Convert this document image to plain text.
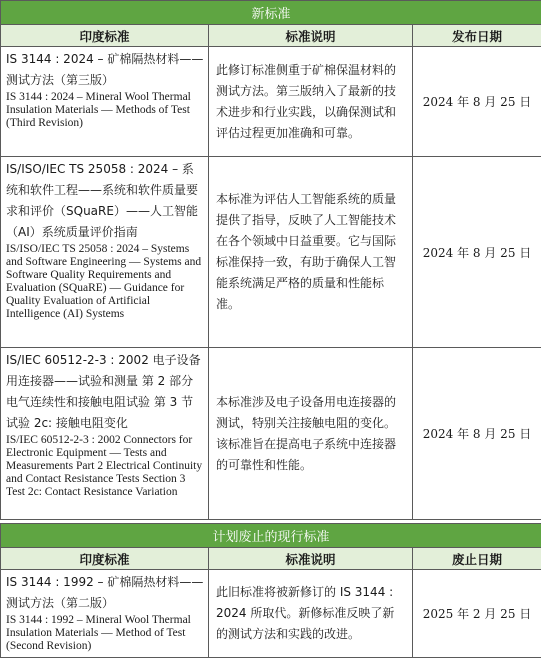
新标准		
印度标准	标准说明	发布日期

IS 3144 : 2024 – 矿棉隔热材料——测试方法（第三版）
IS 3144 : 2024 – Mineral Wool Thermal Insulation Materials — Methods of Test (Third Revision)	此修订标准侧重于矿棉保温材料的测试方法。第三版纳入了最新的技术进步和行业实践，以确保测试和评估过程更加准确和可靠。	2024 年 8 月 25 日

IS/ISO/IEC TS 25058 : 2024 – 系统和软件工程——系统和软件质量要求和评价（SQuaRE）——人工智能（AI）系统质量评价指南
IS/ISO/IEC TS 25058 : 2024 – Systems and Software Engineering — Systems and Software Quality Requirements and Evaluation (SQuaRE) — Guidance for Quality Evaluation of Artificial Intelligence (AI) Systems	本标准为评估人工智能系统的质量提供了指导，反映了人工智能技术在各个领域中日益重要。它与国际标准保持一致，有助于确保人工智能系统满足严格的质量和性能标准。	2024 年 8 月 25 日

IS/IEC 60512-2-3 : 2002 电子设备用连接器——试验和测量 第 2 部分 电气连续性和接触电阻试验 第 3 节 试验 2c: 接触电阻变化
IS/IEC 60512-2-3 : 2002 Connectors for Electronic Equipment — Tests and Measurements Part 2 Electrical Continuity and Contact Resistance Tests Section 3 Test 2c: Contact Resistance Variation	本标准涉及电子设备用电连接器的测试，特别关注接触电阻的变化。该标准旨在提高电子系统中连接器的可靠性和性能。	2024 年 8 月 25 日

计划废止的现行标准		
印度标准	标准说明	废止日期

IS 3144 : 1992 – 矿棉隔热材料——测试方法（第二版）
IS 3144 : 1992 – Mineral Wool Thermal Insulation Materials — Method of Test (Second Revision)	此旧标准将被新修订的 IS 3144 : 2024 所取代。新修标准反映了新的测试方法和实践的改进。	2025 年 2 月 25 日
